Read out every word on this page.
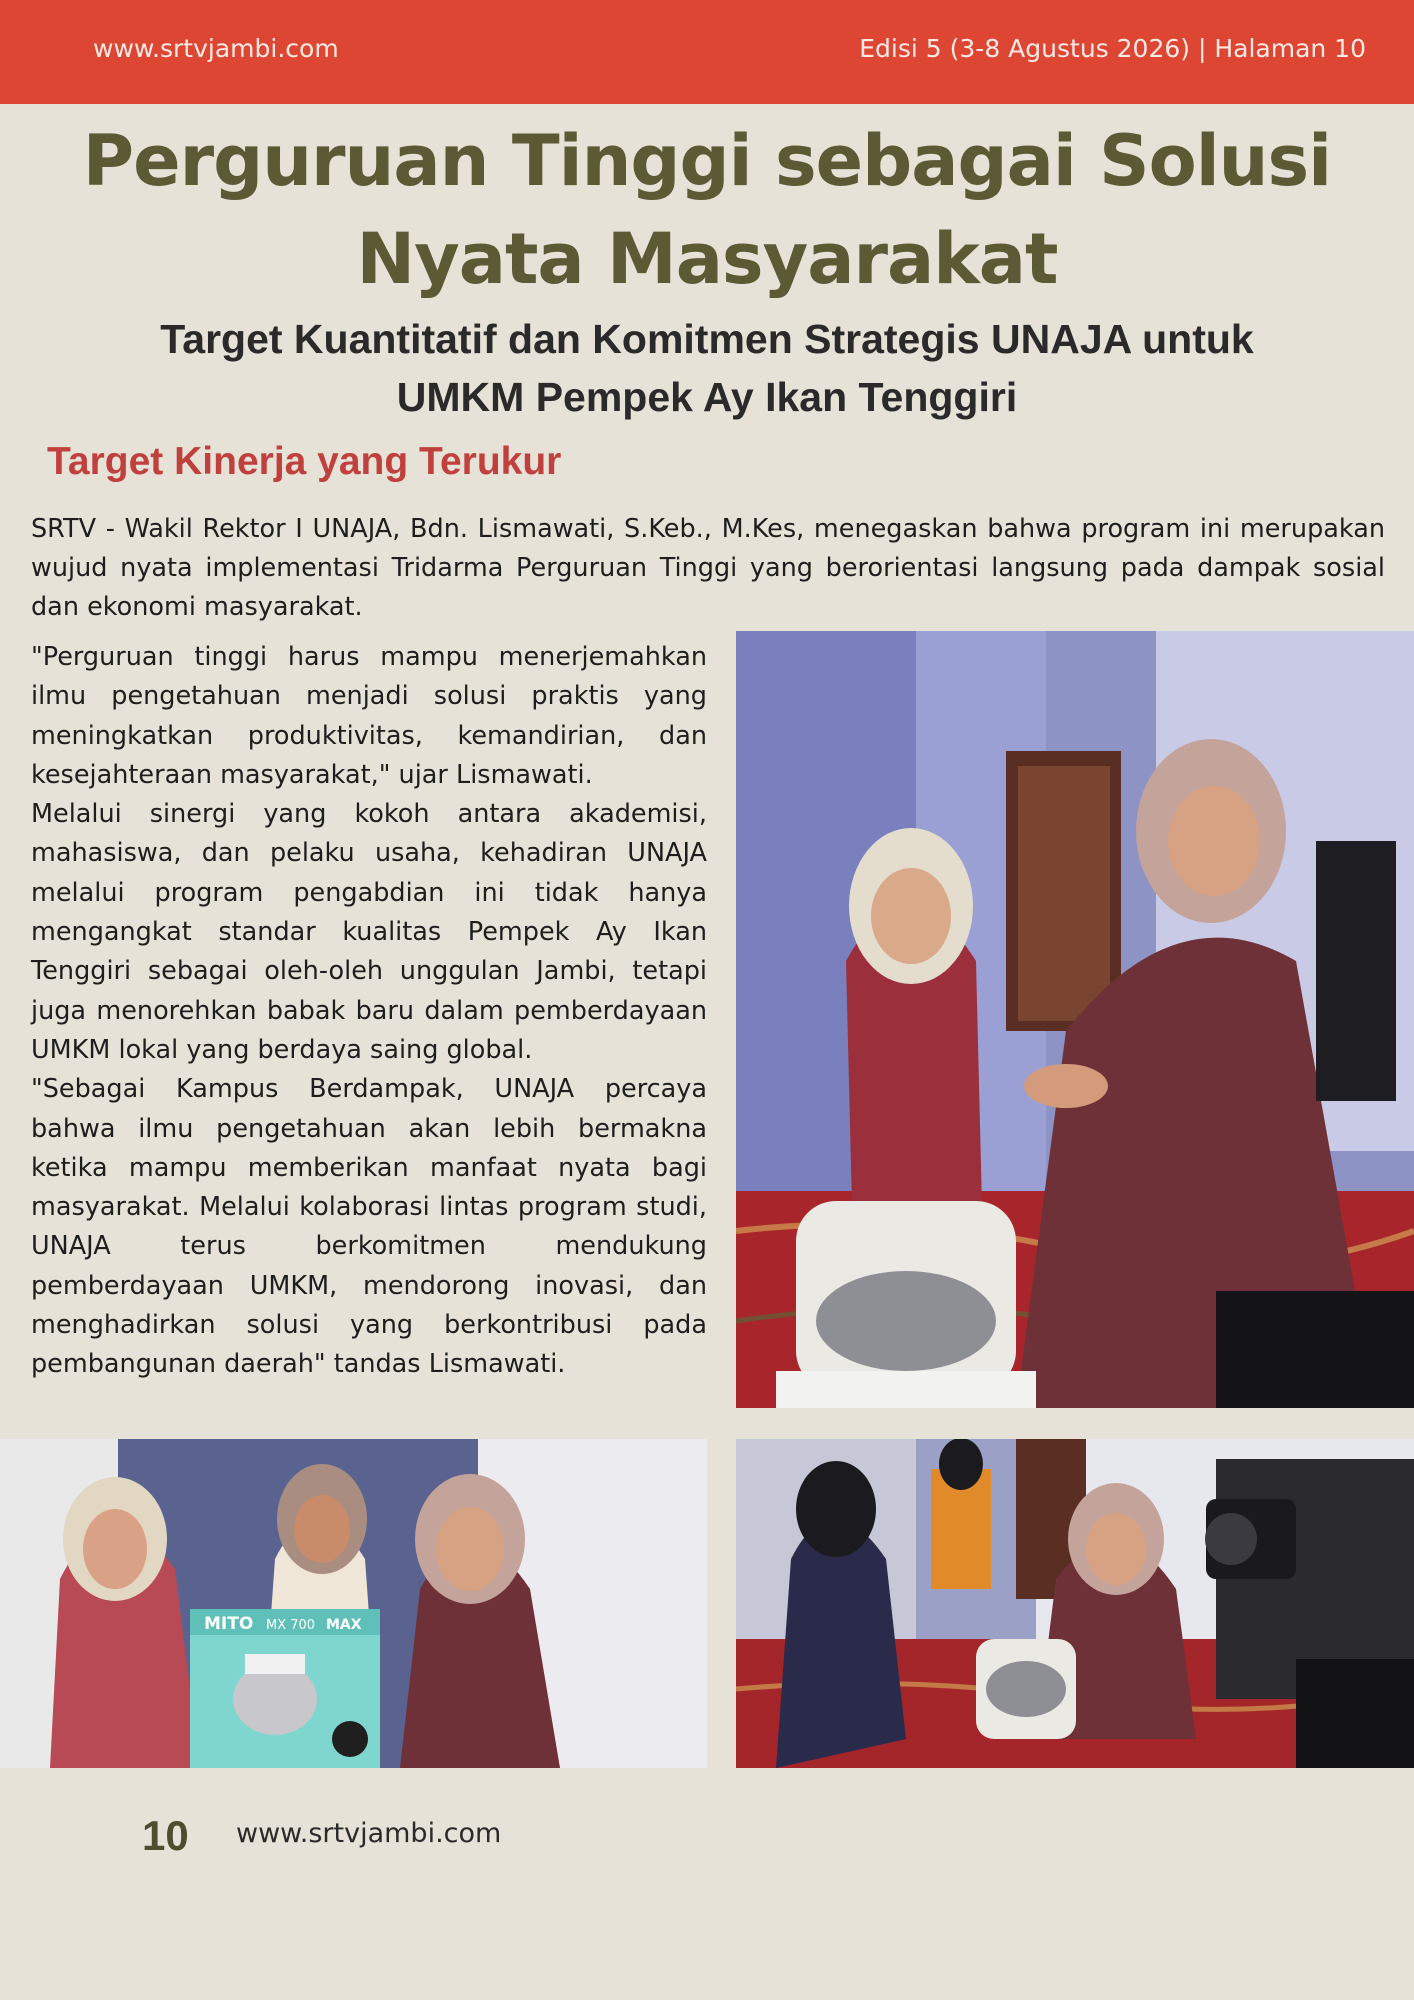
www.srtvjambi.com	Edisi 5 (3-8 Agustus 2026) | Halaman 10
Perguruan Tinggi sebagai Solusi
Nyata Masyarakat
Target Kuantitatif dan Komitmen Strategis UNAJA untuk
UMKM Pempek Ay Ikan Tenggiri
Target Kinerja yang Terukur

SRTV - Wakil Rektor I UNAJA, Bdn. Lismawati, S.Keb., M.Kes, menegaskan bahwa program ini merupakan wujud nyata implementasi Tridarma Perguruan Tinggi yang berorientasi langsung pada dampak sosial dan ekonomi masyarakat.

"Perguruan tinggi harus mampu menerjemahkan ilmu pengetahuan menjadi solusi praktis yang meningkatkan produktivitas, kemandirian, dan kesejahteraan masyarakat," ujar Lismawati.

Melalui sinergi yang kokoh antara akademisi, mahasiswa, dan pelaku usaha, kehadiran UNAJA melalui program pengabdian ini tidak hanya mengangkat standar kualitas Pempek Ay Ikan Tenggiri sebagai oleh-oleh unggulan Jambi, tetapi juga menorehkan babak baru dalam pemberdayaan UMKM lokal yang berdaya saing global.

"Sebagai Kampus Berdampak, UNAJA percaya bahwa ilmu pengetahuan akan lebih bermakna ketika mampu memberikan manfaat nyata bagi masyarakat. Melalui kolaborasi lintas program studi, UNAJA terus berkomitmen mendukung pemberdayaan UMKM, mendorong inovasi, dan menghadirkan solusi yang berkontribusi pada pembangunan daerah" tandas Lismawati.

MITO MX 700 MAX
10 www.srtvjambi.com
